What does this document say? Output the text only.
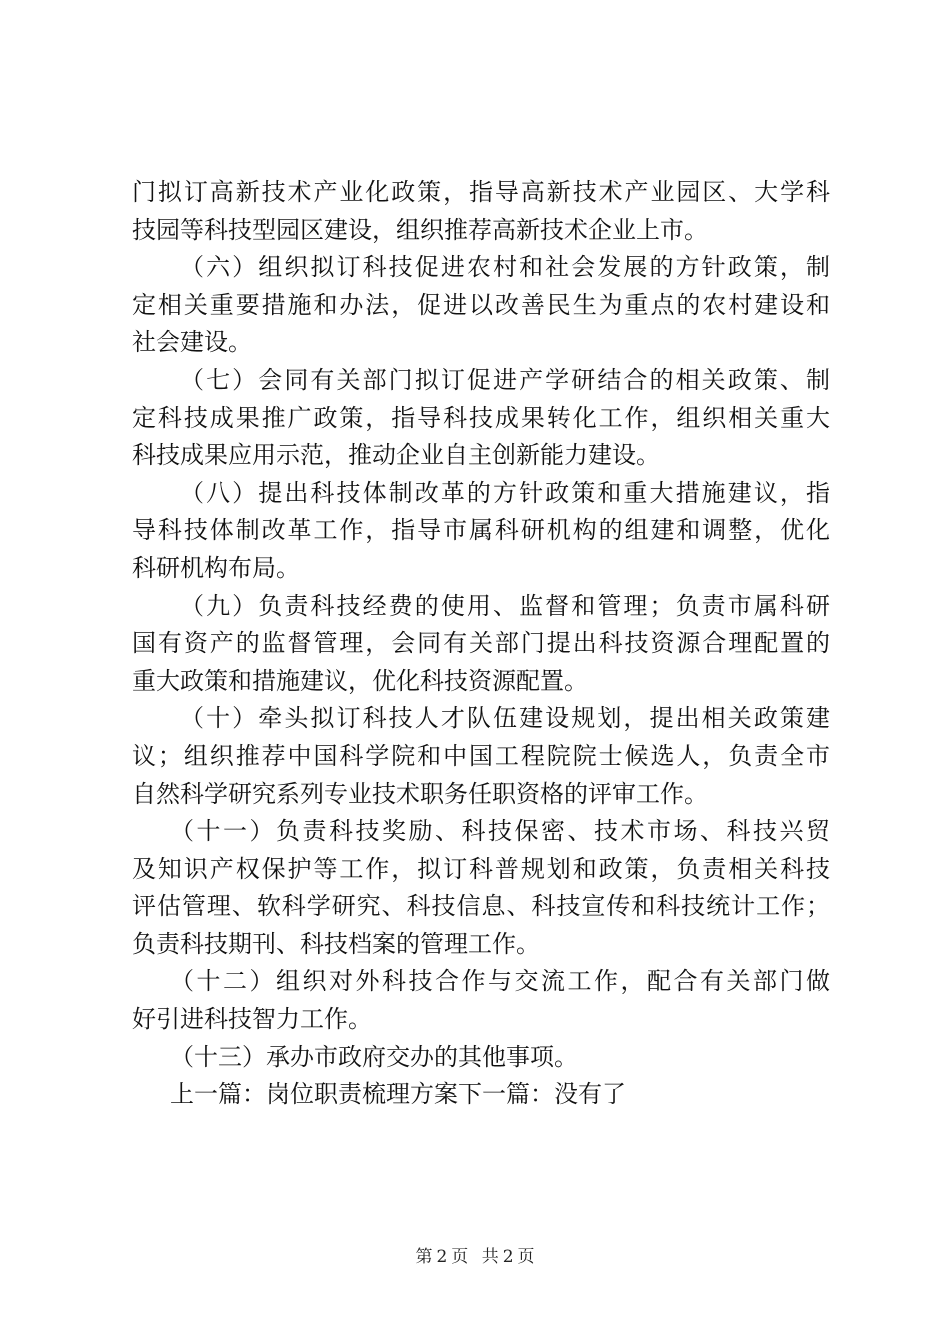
门拟订高新技术产业化政策，指导高新技术产业园区、大学科
技园等科技型园区建设，组织推荐高新技术企业上市。
（六）组织拟订科技促进农村和社会发展的方针政策，制
定相关重要措施和办法，促进以改善民生为重点的农村建设和
社会建设。
（七）会同有关部门拟订促进产学研结合的相关政策、制
定科技成果推广政策，指导科技成果转化工作，组织相关重大
科技成果应用示范，推动企业自主创新能力建设。
（八）提出科技体制改革的方针政策和重大措施建议，指
导科技体制改革工作，指导市属科研机构的组建和调整，优化
科研机构布局。
（九）负责科技经费的使用、监督和管理；负责市属科研
国有资产的监督管理，会同有关部门提出科技资源合理配置的
重大政策和措施建议，优化科技资源配置。
（十）牵头拟订科技人才队伍建设规划，提出相关政策建
议；组织推荐中国科学院和中国工程院院士候选人，负责全市
自然科学研究系列专业技术职务任职资格的评审工作。
（十一）负责科技奖励、科技保密、技术市场、科技兴贸
及知识产权保护等工作，拟订科普规划和政策，负责相关科技
评估管理、软科学研究、科技信息、科技宣传和科技统计工作；
负责科技期刊、科技档案的管理工作。
（十二）组织对外科技合作与交流工作，配合有关部门做
好引进科技智力工作。
（十三）承办市政府交办的其他事项。
上一篇：岗位职责梳理方案下一篇：没有了
第 2 页 共 2 页
